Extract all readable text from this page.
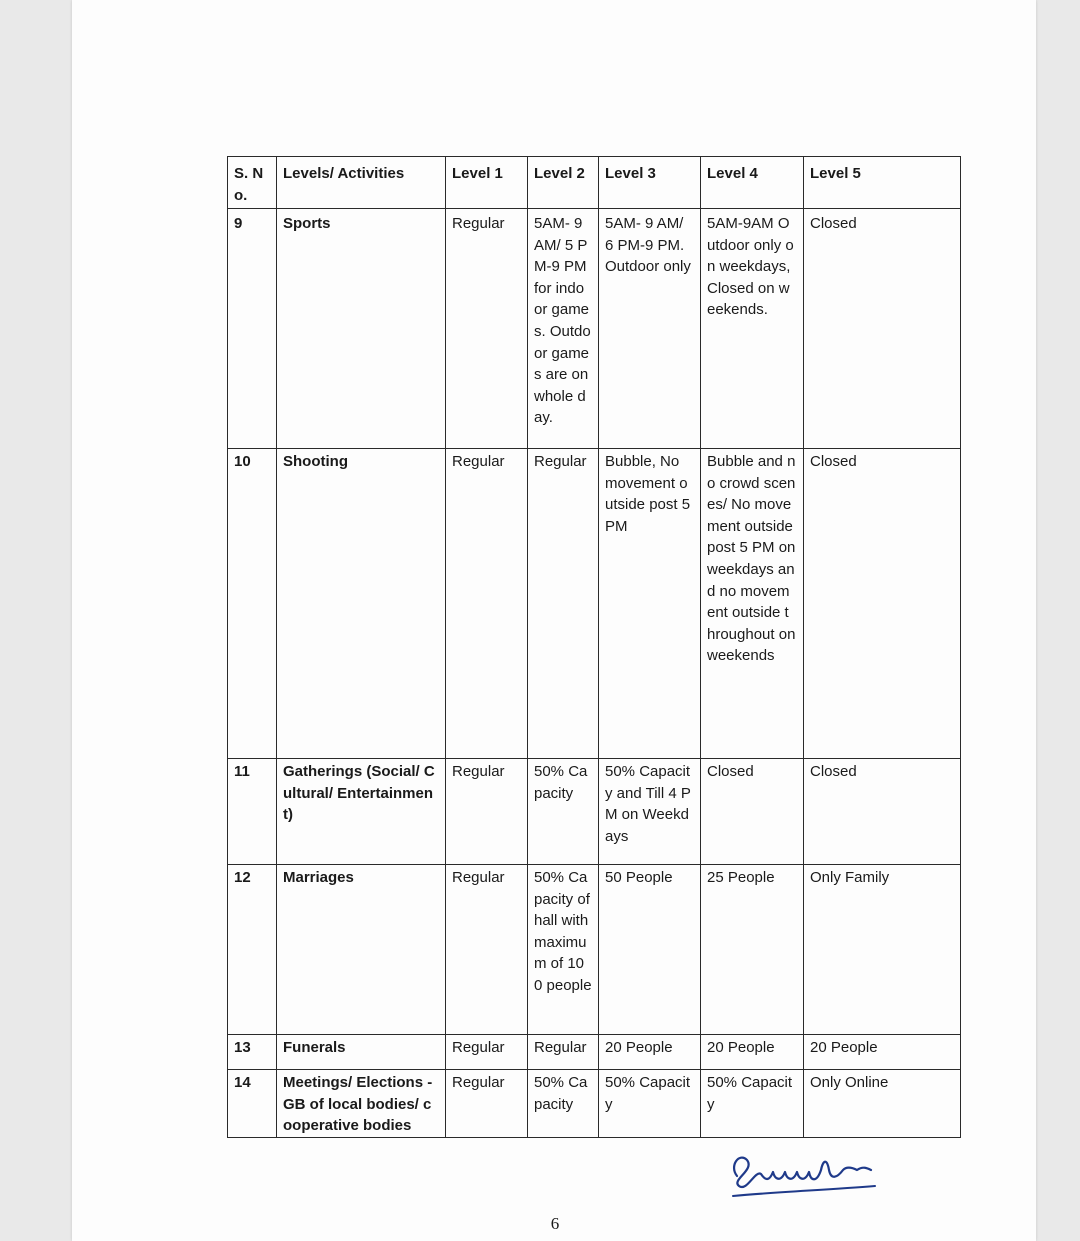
S. No.	Levels/ Activities	Level 1	Level 2	Level 3	Level 4	Level 5
9	Sports	Regular	5AM- 9 AM/ 5 PM-9 PM for indoor games. Outdoor games are on whole day.	5AM- 9 AM/ 6 PM-9 PM. Outdoor only	5AM-9AM Outdoor only on weekdays, Closed on weekends.	Closed
10	Shooting	Regular	Regular	Bubble, No movement outside post 5 PM	Bubble and no crowd scenes/ No movement outside post 5 PM on weekdays and no movement outside throughout on weekends	Closed
11	Gatherings (Social/ Cultural/ Entertainment)	Regular	50% Capacity	50% Capacity and Till 4 PM on Weekdays	Closed	Closed
12	Marriages	Regular	50% Capacity of hall with maximum of 100 people	50 People	25 People	Only Family
13	Funerals	Regular	Regular	20 People	20 People	20 People
14	Meetings/ Elections - GB of local bodies/ cooperative bodies	Regular	50% Capacity	50% Capacity	50% Capacity	Only Online
6
